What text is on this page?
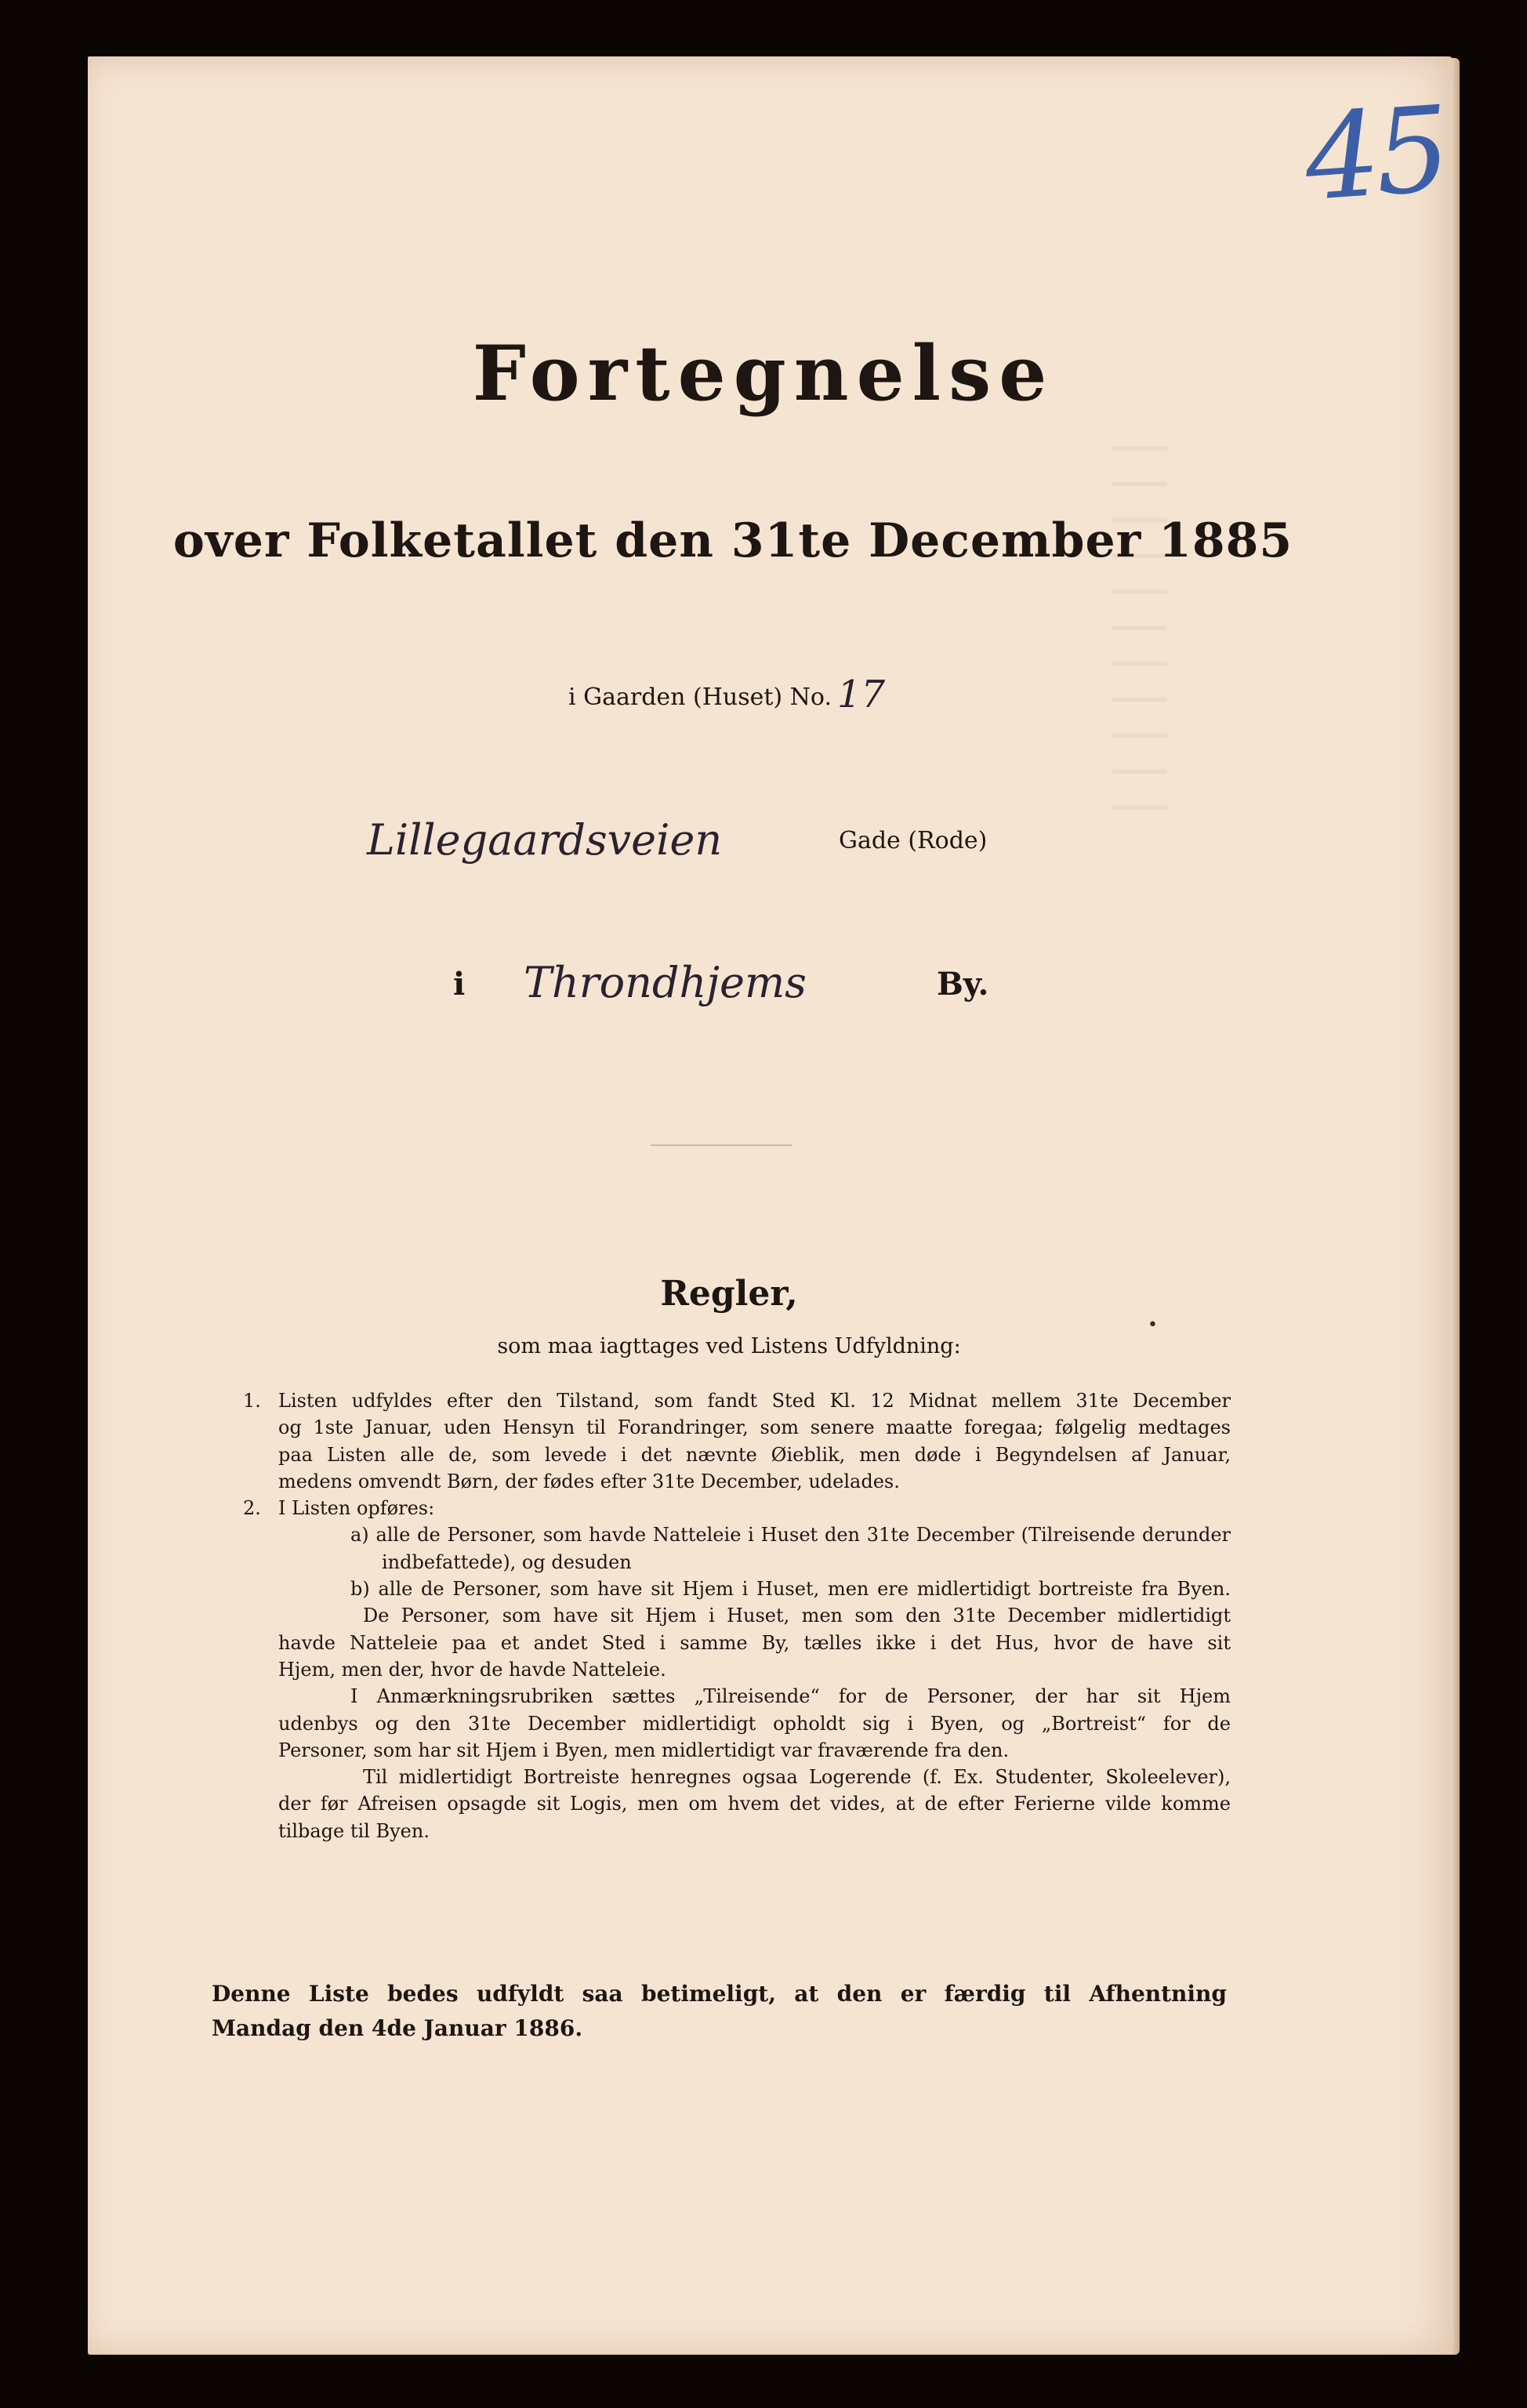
| | | | | | | | | | |
45
Fortegnelse
over Folketallet den 31te December 1885
i Gaarden (Huset) No. 17
Lillegaardsveien	Gade (Rode)
i Throndhjems	By.
Regler,
•
som maa iagttages ved Listens Udfyldning:
1. Listen udfyldes efter den Tilstand, som fandt Sted Kl. 12 Midnat mellem 31te December

og 1ste Januar, uden Hensyn til Forandringer, som senere maatte foregaa; følgelig medtages

paa Listen alle de, som levede i det nævnte Øieblik, men døde i Begyndelsen af Januar,

medens omvendt Børn, der fødes efter 31te December, udelades.

2. I Listen opføres:

a) alle de Personer, som havde Natteleie i Huset den 31te December (Tilreisende derunder

indbefattede), og desuden

b) alle de Personer, som have sit Hjem i Huset, men ere midlertidigt bortreiste fra Byen.

De Personer, som have sit Hjem i Huset, men som den 31te December midlertidigt

havde Natteleie paa et andet Sted i samme By, tælles ikke i det Hus, hvor de have sit

Hjem, men der, hvor de havde Natteleie.

I Anmærkningsrubriken sættes „Tilreisende“ for de Personer, der har sit Hjem

udenbys og den 31te December midlertidigt opholdt sig i Byen, og „Bortreist“ for de

Personer, som har sit Hjem i Byen, men midlertidigt var fraværende fra den.

Til midlertidigt Bortreiste henregnes ogsaa Logerende (f. Ex. Studenter, Skoleelever),

der før Afreisen opsagde sit Logis, men om hvem det vides, at de efter Ferierne vilde komme

tilbage til Byen.

Denne Liste bedes udfyldt saa betimeligt, at den er færdig til Afhentning

Mandag den 4de Januar 1886.
